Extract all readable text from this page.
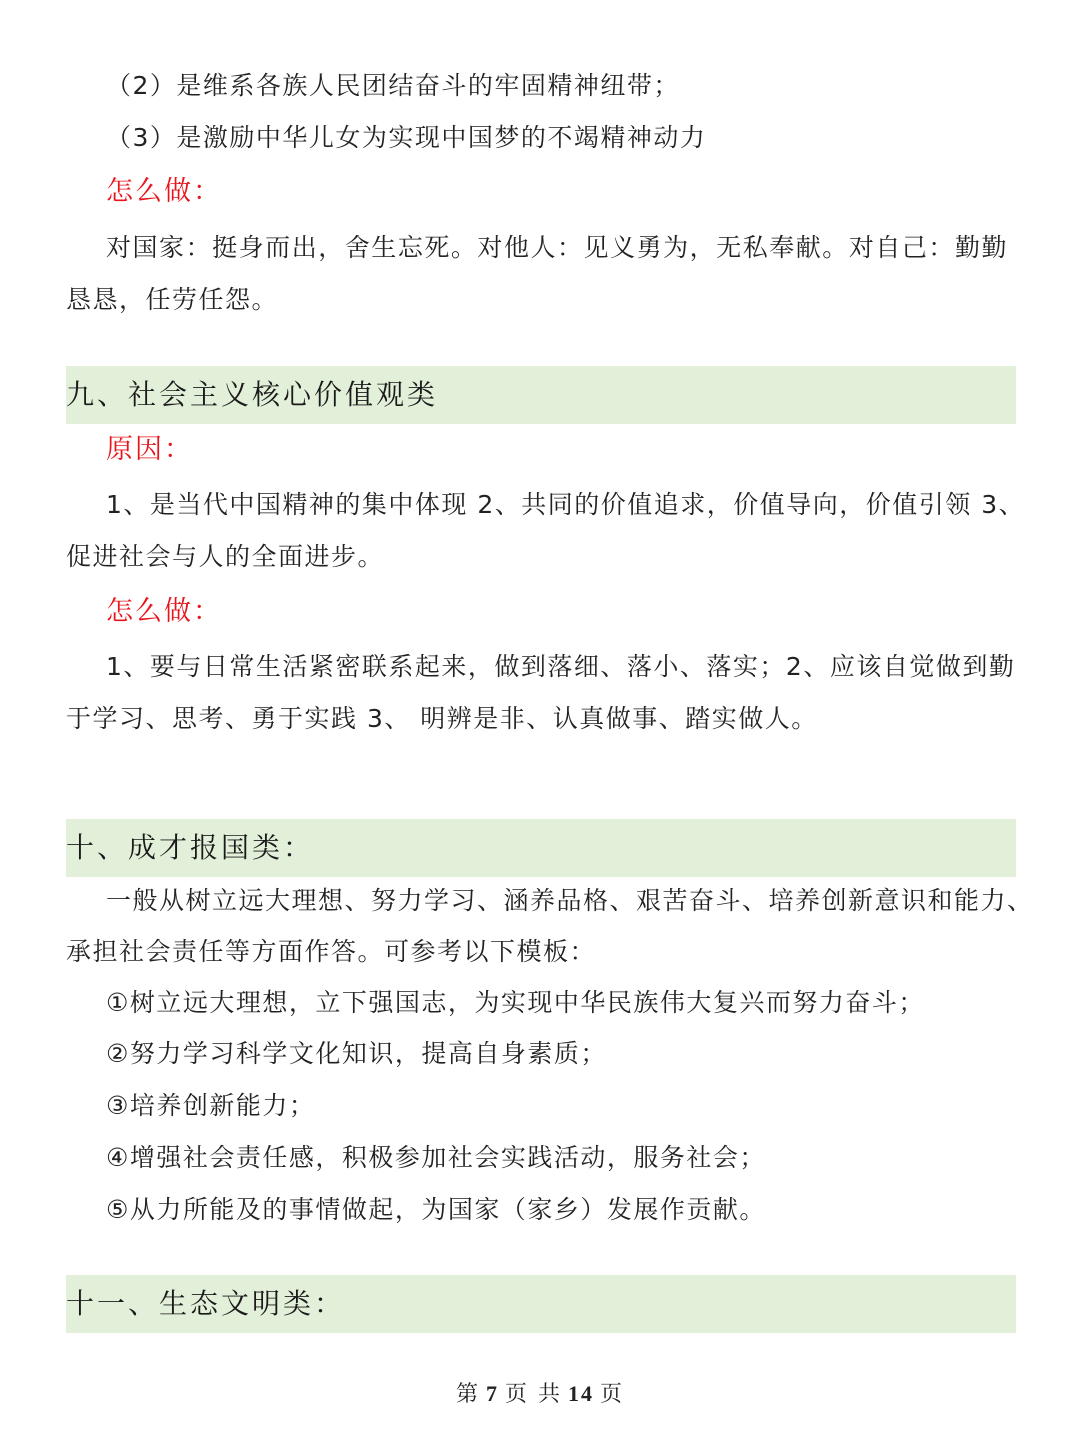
（2）是维系各族人民团结奋斗的牢固精神纽带；
（3）是激励中华儿女为实现中国梦的不竭精神动力
怎么做：
对国家：挺身而出，舍生忘死。对他人：见义勇为，无私奉献。对自己：勤勤
恳恳，任劳任怨。
九、社会主义核心价值观类
原因：
1、是当代中国精神的集中体现 2、共同的价值追求，价值导向，价值引领 3、
促进社会与人的全面进步。
怎么做：
1、要与日常生活紧密联系起来，做到落细、落小、落实；2、应该自觉做到勤
于学习、思考、勇于实践 3、 明辨是非、认真做事、踏实做人。
十、成才报国类：
一般从树立远大理想、努力学习、涵养品格、艰苦奋斗、培养创新意识和能力、
承担社会责任等方面作答。可参考以下模板：
①树立远大理想，立下强国志，为实现中华民族伟大复兴而努力奋斗；
②努力学习科学文化知识，提高自身素质；
③培养创新能力；
④增强社会责任感，积极参加社会实践活动，服务社会；
⑤从力所能及的事情做起，为国家（家乡）发展作贡献。
十一、生态文明类：
第 7 页 共 14 页
